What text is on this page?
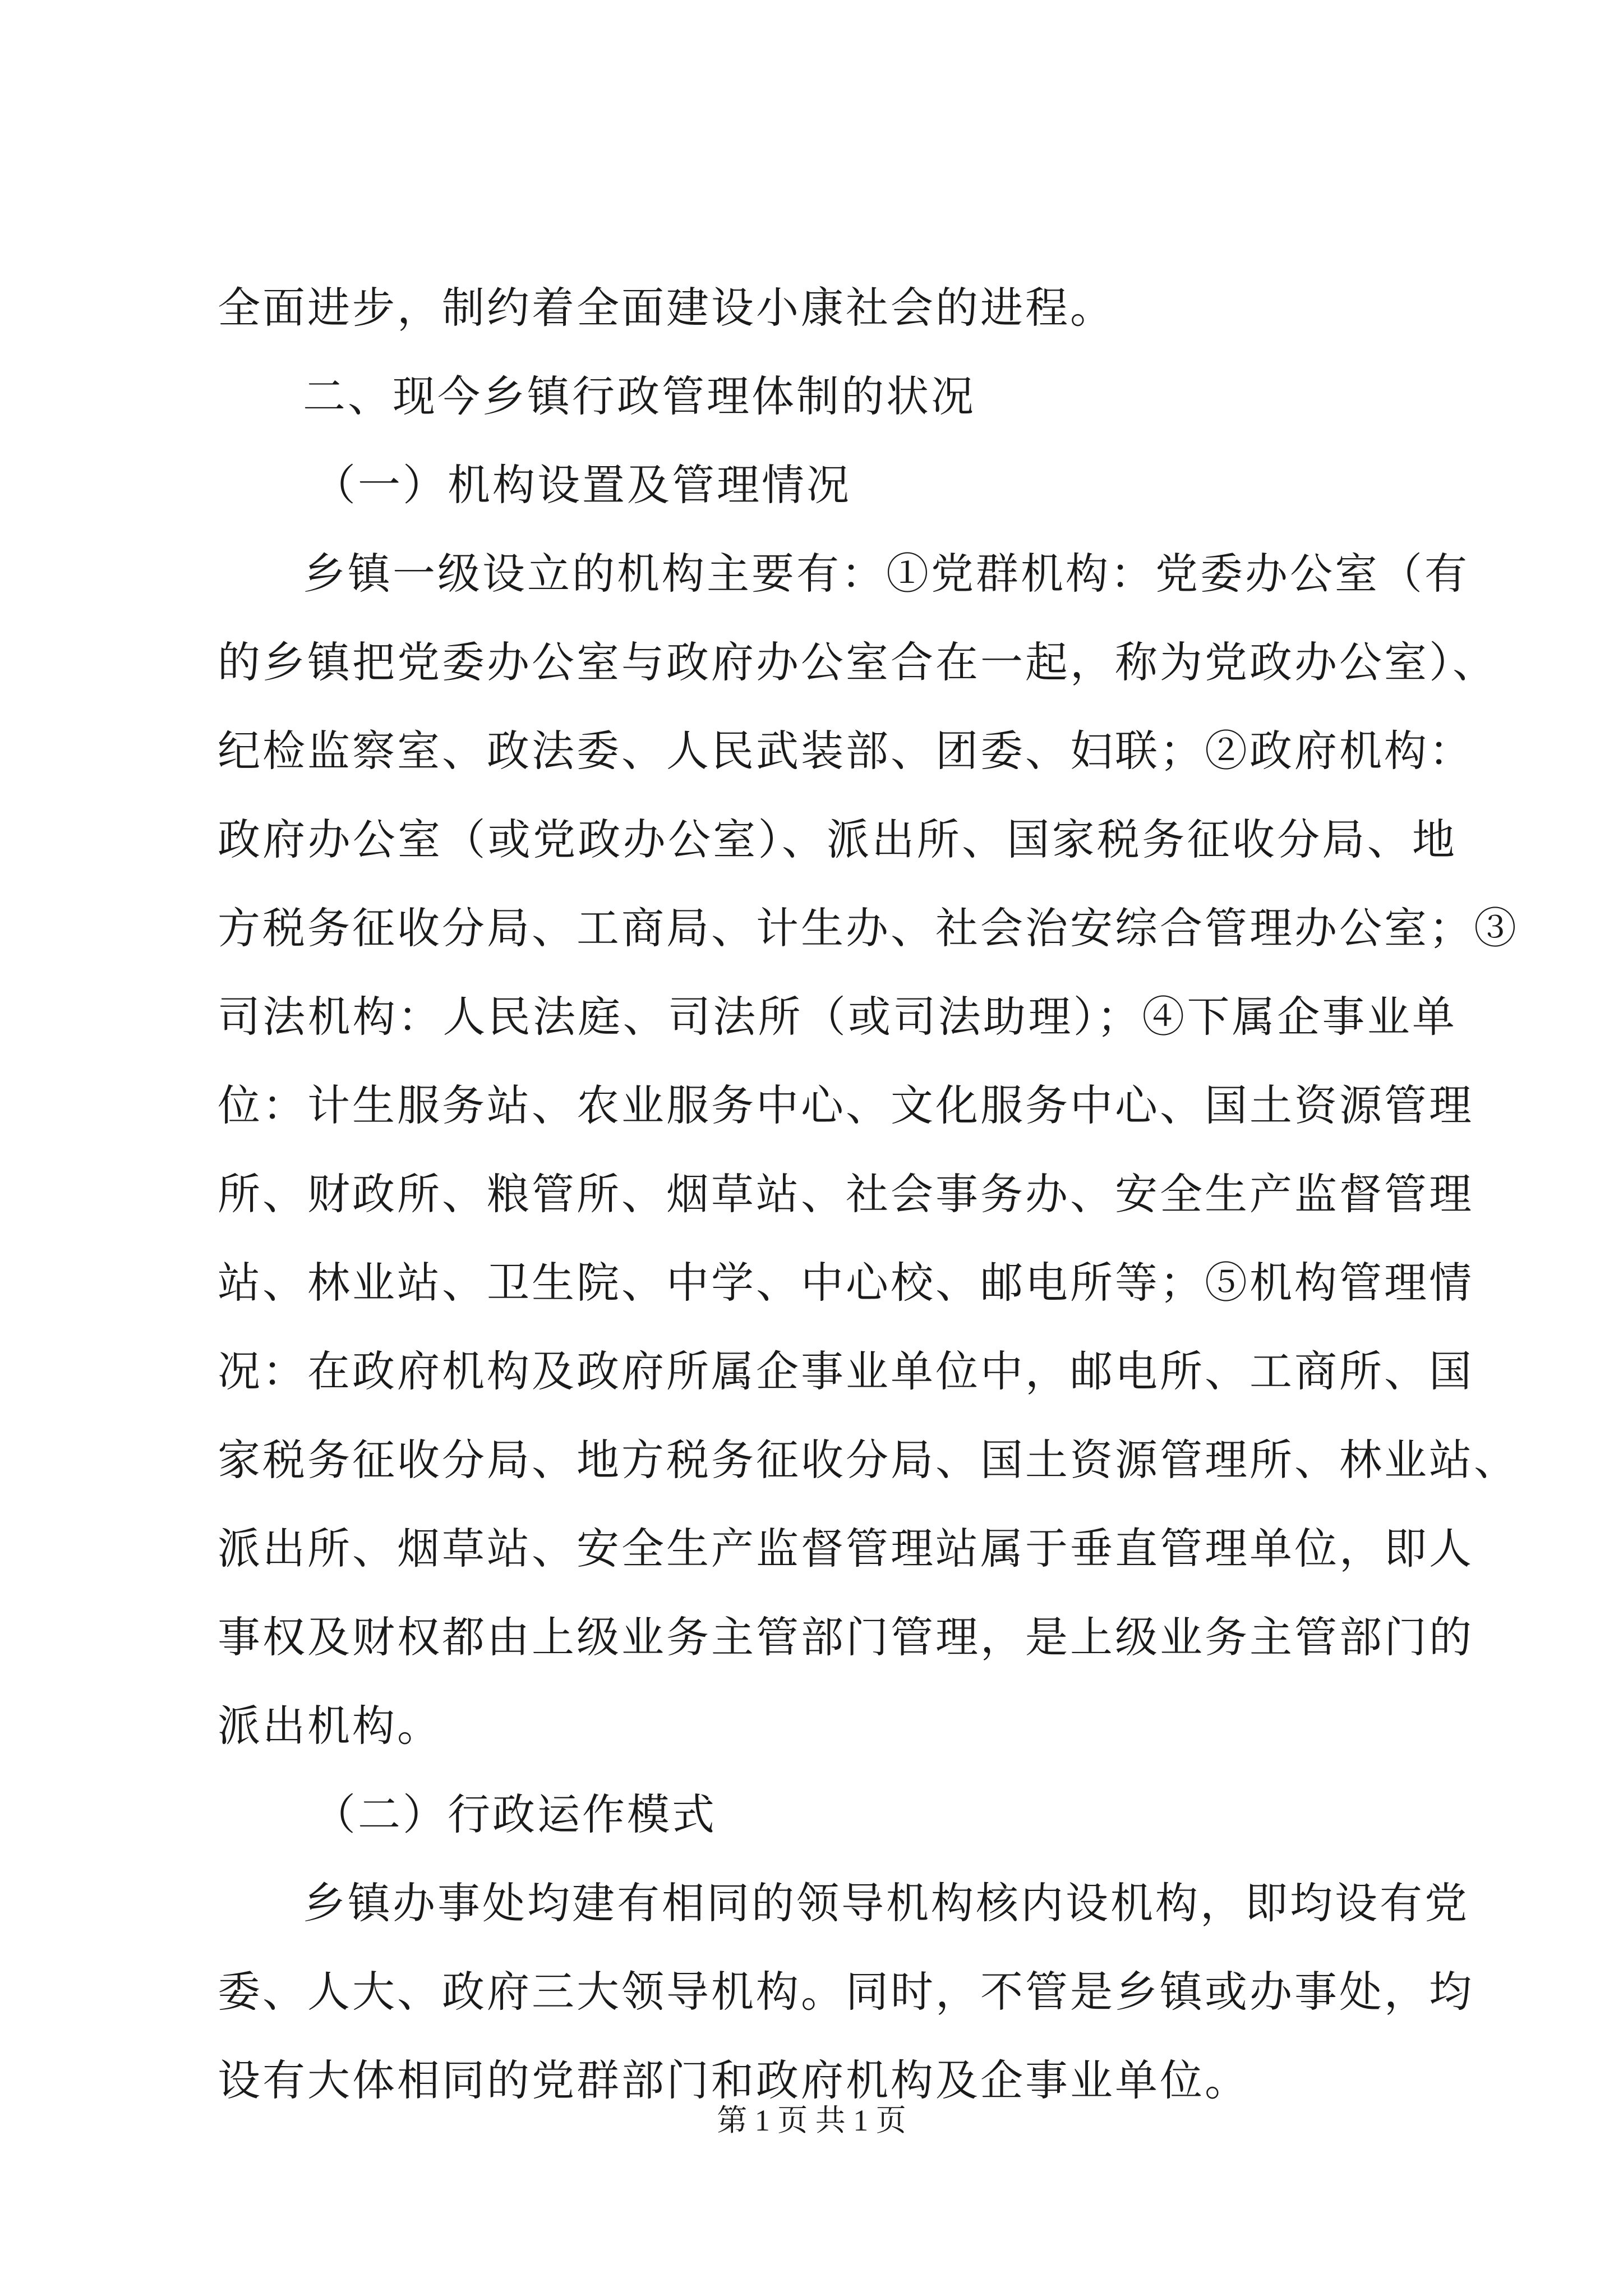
全面进步，制约着全面建设小康社会的进程。
二、现今乡镇行政管理体制的状况
（一）机构设置及管理情况
乡镇一级设立的机构主要有：①党群机构：党委办公室（有
的乡镇把党委办公室与政府办公室合在一起，称为党政办公室）、
纪检监察室、政法委、人民武装部、团委、妇联；②政府机构：
政府办公室（或党政办公室）、派出所、国家税务征收分局、地
方税务征收分局、工商局、计生办、社会治安综合管理办公室；③
司法机构：人民法庭、司法所（或司法助理）；④下属企事业单
位：计生服务站、农业服务中心、文化服务中心、国土资源管理
所、财政所、粮管所、烟草站、社会事务办、安全生产监督管理
站、林业站、卫生院、中学、中心校、邮电所等；⑤机构管理情
况：在政府机构及政府所属企事业单位中，邮电所、工商所、国
家税务征收分局、地方税务征收分局、国土资源管理所、林业站、
派出所、烟草站、安全生产监督管理站属于垂直管理单位，即人
事权及财权都由上级业务主管部门管理，是上级业务主管部门的
派出机构。
（二）行政运作模式
乡镇办事处均建有相同的领导机构核内设机构，即均设有党
委、人大、政府三大领导机构。同时，不管是乡镇或办事处，均
设有大体相同的党群部门和政府机构及企事业单位。
第 1 页 共 1 页
